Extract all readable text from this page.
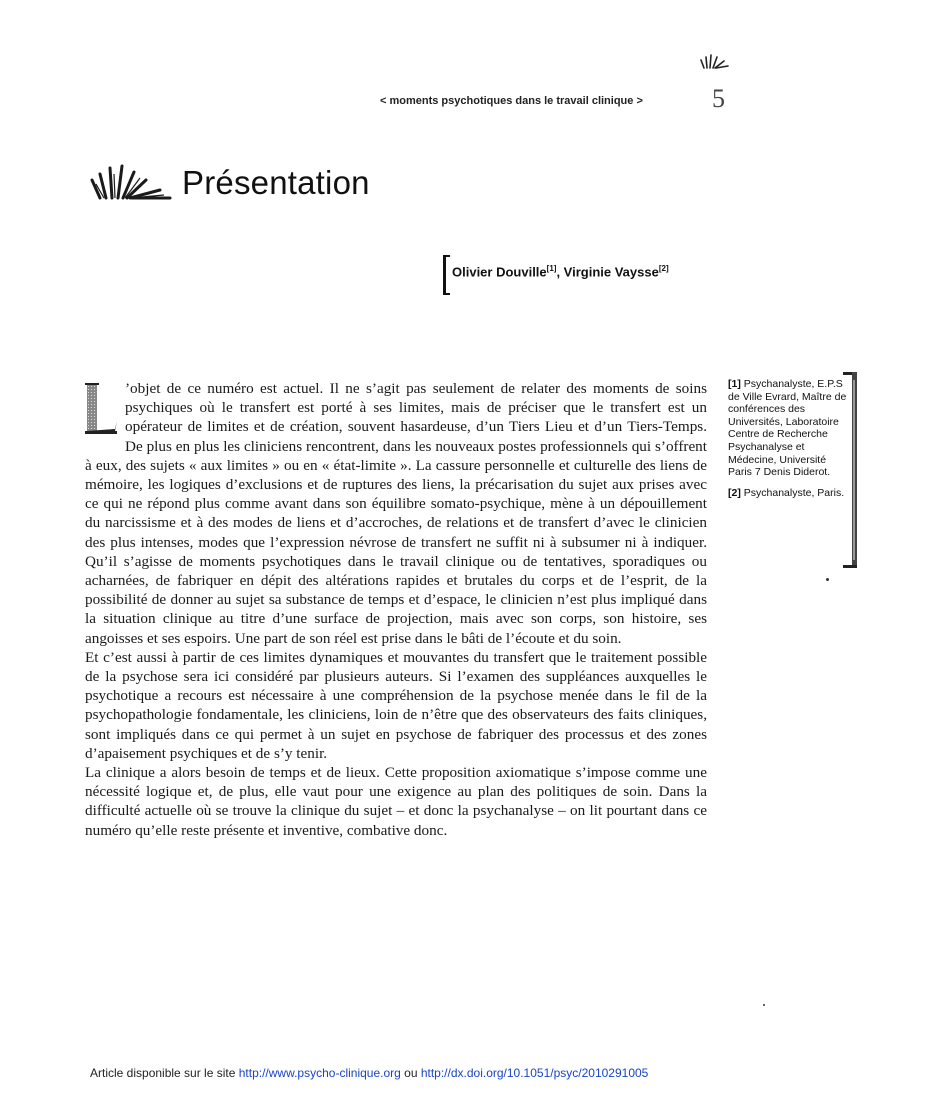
< moments psychotiques dans le travail clinique >	5
Présentation
Olivier Douville[1], Virginie Vaysse[2]

’objet de ce numéro est actuel. Il ne s’agit pas seulement de relater des moments de soins psychiques où le transfert est porté à ses limites, mais de préciser que le transfert est un opérateur de limites et de création, souvent hasardeuse, d’un Tiers Lieu et d’un Tiers-Temps. De plus en plus les cliniciens rencontrent, dans les nouveaux postes professionnels qui s’offrent à eux, des sujets « aux limites » ou en « état-limite ». La cassure personnelle et culturelle des liens de mémoire, les logiques d’exclusions et de ruptures des liens, la précarisation du sujet aux prises avec ce qui ne répond plus comme avant dans son équilibre somato-psychique, mène à un dépouillement du narcissisme et à des modes de liens et d’accroches, de relations et de transfert d’avec le clinicien des plus intenses, modes que l’expression névrose de transfert ne suffit ni à subsumer ni à indiquer. Qu’il s’agisse de moments psychotiques dans le travail clinique ou de tentatives, sporadiques ou acharnées, de fabriquer en dépit des altérations rapides et brutales du corps et de l’esprit, de la possibilité de donner au sujet sa substance de temps et d’espace, le clinicien n’est plus impliqué dans la situation clinique au titre d’une surface de projection, mais avec son corps, son histoire, ses angoisses et ses espoirs. Une part de son réel est prise dans le bâti de l’écoute et du soin.

Et c’est aussi à partir de ces limites dynamiques et mouvantes du transfert que le traitement possible de la psychose sera ici considéré par plusieurs auteurs. Si l’examen des suppléances auxquelles le psychotique a recours est nécessaire à une compréhension de la psychose menée dans le fil de la psychopathologie fondamentale, les cliniciens, loin de n’être que des observateurs des faits cliniques, sont impliqués dans ce qui permet à un sujet en psychose de fabriquer des processus et des zones d’apaisement psychiques et de s’y tenir.

La clinique a alors besoin de temps et de lieux. Cette proposition axiomatique s’impose comme une nécessité logique et, de plus, elle vaut pour une exigence au plan des politiques de soin. Dans la difficulté actuelle où se trouve la clinique du sujet – et donc la psychanalyse – on lit pourtant dans ce numéro qu’elle reste présente et inventive, combative donc.

[1] Psychanalyste, E.P.S de Ville Evrard, Maître de conférences des Universités, Laboratoire Centre de Recherche Psychanalyse et Médecine, Université Paris 7 Denis Diderot.

[2] Psychanalyste, Paris.

Article disponible sur le site http://www.psycho-clinique.org ou http://dx.doi.org/10.1051/psyc/2010291005
